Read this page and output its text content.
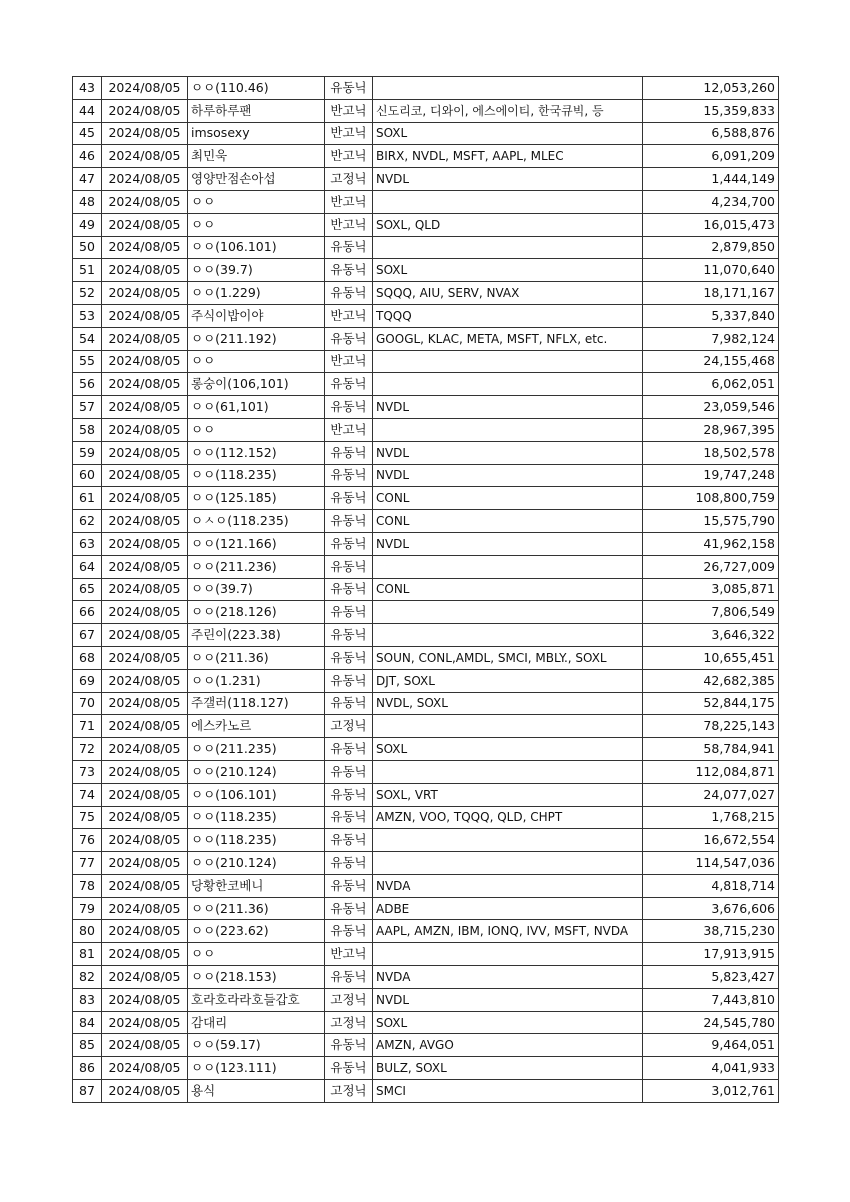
43	2024/08/05	ㅇㅇ(110.46)	유동닉		12,053,260
44	2024/08/05	하루하루팬	반고닉	신도리코, 디와이, 에스에이티, 한국큐빅, 등	15,359,833
45	2024/08/05	imsosexy	반고닉	SOXL	6,588,876
46	2024/08/05	최민욱	반고닉	BIRX, NVDL, MSFT, AAPL, MLEC	6,091,209
47	2024/08/05	영양만점손아섭	고정닉	NVDL	1,444,149
48	2024/08/05	ㅇㅇ	반고닉		4,234,700
49	2024/08/05	ㅇㅇ	반고닉	SOXL, QLD	16,015,473
50	2024/08/05	ㅇㅇ(106.101)	유동닉		2,879,850
51	2024/08/05	ㅇㅇ(39.7)	유동닉	SOXL	11,070,640
52	2024/08/05	ㅇㅇ(1.229)	유동닉	SQQQ, AIU, SERV, NVAX	18,171,167
53	2024/08/05	주식이밥이야	반고닉	TQQQ	5,337,840
54	2024/08/05	ㅇㅇ(211.192)	유동닉	GOOGL, KLAC, META, MSFT, NFLX, etc.	7,982,124
55	2024/08/05	ㅇㅇ	반고닉		24,155,468
56	2024/08/05	롱숭이(106,101)	유동닉		6,062,051
57	2024/08/05	ㅇㅇ(61,101)	유동닉	NVDL	23,059,546
58	2024/08/05	ㅇㅇ	반고닉		28,967,395
59	2024/08/05	ㅇㅇ(112.152)	유동닉	NVDL	18,502,578
60	2024/08/05	ㅇㅇ(118.235)	유동닉	NVDL	19,747,248
61	2024/08/05	ㅇㅇ(125.185)	유동닉	CONL	108,800,759
62	2024/08/05	ㅇㅅㅇ(118.235)	유동닉	CONL	15,575,790
63	2024/08/05	ㅇㅇ(121.166)	유동닉	NVDL	41,962,158
64	2024/08/05	ㅇㅇ(211.236)	유동닉		26,727,009
65	2024/08/05	ㅇㅇ(39.7)	유동닉	CONL	3,085,871
66	2024/08/05	ㅇㅇ(218.126)	유동닉		7,806,549
67	2024/08/05	주린이(223.38)	유동닉		3,646,322
68	2024/08/05	ㅇㅇ(211.36)	유동닉	SOUN, CONL,AMDL, SMCI, MBLY., SOXL	10,655,451
69	2024/08/05	ㅇㅇ(1.231)	유동닉	DJT, SOXL	42,682,385
70	2024/08/05	주갤러(118.127)	유동닉	NVDL, SOXL	52,844,175
71	2024/08/05	에스카노르	고정닉		78,225,143
72	2024/08/05	ㅇㅇ(211.235)	유동닉	SOXL	58,784,941
73	2024/08/05	ㅇㅇ(210.124)	유동닉		112,084,871
74	2024/08/05	ㅇㅇ(106.101)	유동닉	SOXL, VRT	24,077,027
75	2024/08/05	ㅇㅇ(118.235)	유동닉	AMZN, VOO, TQQQ, QLD, CHPT	1,768,215
76	2024/08/05	ㅇㅇ(118.235)	유동닉		16,672,554
77	2024/08/05	ㅇㅇ(210.124)	유동닉		114,547,036
78	2024/08/05	당황한코베니	유동닉	NVDA	4,818,714
79	2024/08/05	ㅇㅇ(211.36)	유동닉	ADBE	3,676,606
80	2024/08/05	ㅇㅇ(223.62)	유동닉	AAPL, AMZN, IBM, IONQ, IVV, MSFT, NVDA	38,715,230
81	2024/08/05	ㅇㅇ	반고닉		17,913,915
82	2024/08/05	ㅇㅇ(218.153)	유동닉	NVDA	5,823,427
83	2024/08/05	호라호라라호들갑호	고정닉	NVDL	7,443,810
84	2024/08/05	감대리	고정닉	SOXL	24,545,780
85	2024/08/05	ㅇㅇ(59.17)	유동닉	AMZN, AVGO	9,464,051
86	2024/08/05	ㅇㅇ(123.111)	유동닉	BULZ, SOXL	4,041,933
87	2024/08/05	용식	고정닉	SMCI	3,012,761
